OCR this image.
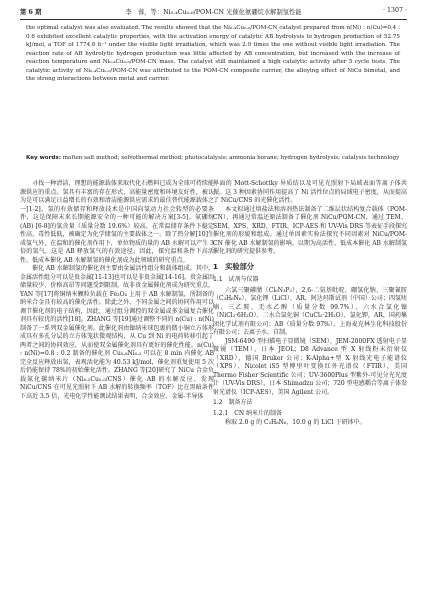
第 6 期	李　蓉，等：Ni₀.₄Cu₀.₆/POM-CN 光催化氨硼烷水解制氢性能	· 1307 ·

the optimal catalyst was also evaluated. The results showed that the Ni₀.₄Cu₀.₆/POM-CN catalyst prepared from n(Ni) : n(Cu)=0.4 : 0.6 exhibited excellent catalytic properties, with the activation energy of catalytic AB hydrolysis to hydrogen production of 52.75 kJ/mol, a TOF of 1774.6 h⁻¹ under the visible light irradiation, which was 2.9 times the one without visible light irradiation. The reaction rate of AB hydrolytic hydrogen production was little affected by AB concentration, but increased with the increase of reaction temperature and Ni₀.₄Cu₀.₆/POM-CN mass. The catalyst still maintained a high catalytic activity after 5 cycle tests. The catalytic activity of Ni₀.₄Cu₀.₆/POM-CN was attributed to the POM-CN composite carrier, the alloying effect of NiCu bimetal, and the strong interactions between metal and carrier.

Key words: molten salt method; solvothermal method; photocatalysis; ammonia borane; hydrogen hydrolysis; catalysis technology

寻找一种清洁、理想的能源载体来取代化石燃料已成为全球可持续能源供应的重点。氢具有丰富的存在形式、高能量密度和环境友好性，被认为是可以满足日益增长的有效和清洁能源供应需求的最佳替代能源载体之一[1-2]。氢的有效储存和释放技术是中国向氢动力社会转型的必要条件，这是保障未来长期能源安全的一种可能的解决方案[3-5]。氨硼烷(AB) [6-8]的氢含量（质量分数 19.6%）较高，在常温储存条件下稳定性高，毒性低低，被确定为化学储氢的主要载体之一。除了热分解[10]生成氢气外，在温和的催化剂作用下，单位物质的量的 AB 水解可以产生 3 倍的氢气，这是 AB 释放氢气的有效途径。因此，探究温和条件下高活性、低成本催化 AB 水解制氢的催化剂成为此领域的研究重点。

催化 AB 水解制氢的催化剂主要由金属活性组分和载体组成。其中，金属活性组分可以是贵金属[11-13]也可以是非贵金属[14-16]。贵金属因储量较少、价格高昂等问题受到限制，故非贵金属催化剂成为研究重点。YAN 等[17]将铜纳米颗粒负载在 Fe₃O₄ 上用于 AB 水解制氢，所制备的纳米合金具有较高的催化活性。除此之外，不同金属之间的协同作用可以调节催化剂的电子结构，因此，通过组分调控的双金属或多金属复合催化剂具有较优的活性[18]。ZHANG 等[19]通过调整不同的 n(Cu) : n(Ni)制备了一系列双金属催化剂。此催化剂由镍纳米球包裹的微小铜立方体形成具有多孔分层的立方体笼状微观结构，从 Cu 到 Ni 的电荷转移引起了两者之间的协同效应，从而使双金属催化剂具有更好的催化性能。n(Cu) : n(Ni)=0.8 : 0.2 制备的催化剂 Cu₀.₈Ni₀.₂ 可以在 8 min 内催化 AB 完全反应释放出氢，表观活化能为 40.53 kJ/mol，催化剂重复使用 5 次后仍能保持 78%的初始催化活性。ZHANG 等[20]研究了 NiCu 合金负载氮化碳纳米片（Ni₀.₅Cu₀.₅/CNS）催化 AB 的水解反应，发现 NiCu/CNS 在可见光照射下 AB 水解的转换频率（TOF）比在黑暗条件下高近 3.5 倍，光电化学性能测试结果表明，合金效应、金属-半导体

界面的 Mott-Schottky 异质结以及可见光照射下局域表面等离子体共振，这 3 种因素协同作用提高了 Ni 活性位点的局域电子密度，从而提高了 NiCu/CNS 的光催化活性。

本文拟通过熔盐法和溶剂热法制备了二维层状结构复合载体（POM-CN），再通过常温还原法制备了催化剂 NiCu/POM-CN，通过 TEM、SEM、XPS、XRD、FTIR、ICP-AES 和 UV-Vis DRS 等表征手段探究催化剂的形貌和组成。通过单因素实验法探究不同因素对 NiCu/POM-CN 催化 AB 水解制氢的影响。以期为高活性、低成本催化 AB 水解制氢催化剂的研究提供参考。

1　 实验部分

1.1　试剂与仪器

六氯三聚磷腈（Cl₆N₃P₃），2,6-二氨基吡啶、硼氢化钠、三聚氰胺（C₃H₆N₆）、氯化锂（LiCl）、AR，阿达玛斯试剂（中国）公司；四氢呋喃、三乙胺、无水乙醇（质量分数 99.7%）、六水合氯化镍（NiCl₂·6H₂O）、二水合氯化铜（CuCl₂·2H₂O）、氯化钾，AR，国药集团化学试剂有限公司；AB（质量分数 97%），上海麦克林生化科技股份有限公司；去离子水，自制。

JSM-6490 型扫描电子显微镜（SEM）、JEM-2000FX 透射电子显微镜（TEM），日本 JEOL；D8 Advance 型 X 射线粉末衍射仪（XRD），德国 Bruker 公司；K-Alpha+型 X 射线光电子能谱仪（XPS）、Nicolet iS5 型傅里叶变换红外光谱仪（FTIR），美国 Thermo Fisher Scientific 公司；UV-3600Plus 型紫外-可见分光光度计（UV-Vis DRS），日本 Shimadzu 公司；720 型电感耦合等离子体发射光谱仪（ICP-AES），美国 Agilent 公司。

1.2　制备方法

1.2.1　CN 纳米片的制备

称取 2.0 g 的 C₃H₆N₆、10.0 g 的 LiCl 于研钵中。
